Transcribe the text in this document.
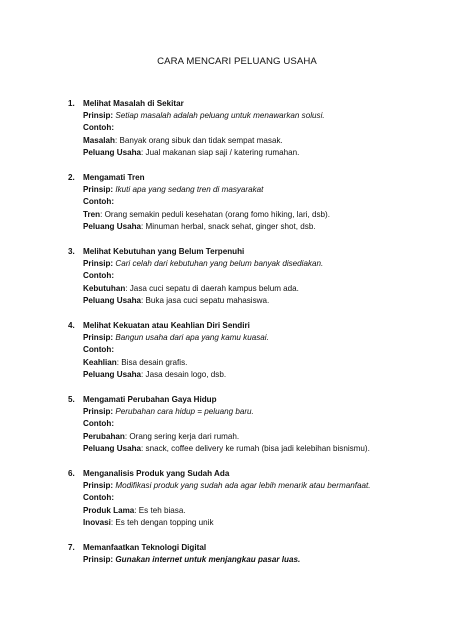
CARA MENCARI PELUANG USAHA
1.	Melihat Masalah di Sekitar
Prinsip: Setiap masalah adalah peluang untuk menawarkan solusi.
Contoh:
Masalah: Banyak orang sibuk dan tidak sempat masak.
Peluang Usaha: Jual makanan siap saji / katering rumahan.
2.	Mengamati Tren
Prinsip: Ikuti apa yang sedang tren di masyarakat
Contoh:
Tren: Orang semakin peduli kesehatan (orang fomo hiking, lari, dsb).
Peluang Usaha: Minuman herbal, snack sehat, ginger shot, dsb.
3.	Melihat Kebutuhan yang Belum Terpenuhi
Prinsip: Cari celah dari kebutuhan yang belum banyak disediakan.
Contoh:
Kebutuhan: Jasa cuci sepatu di daerah kampus belum ada.
Peluang Usaha: Buka jasa cuci sepatu mahasiswa.
4.	Melihat Kekuatan atau Keahlian Diri Sendiri
Prinsip: Bangun usaha dari apa yang kamu kuasai.
Contoh:
Keahlian: Bisa desain grafis.
Peluang Usaha: Jasa desain logo, dsb.
5.	Mengamati Perubahan Gaya Hidup
Prinsip: Perubahan cara hidup = peluang baru.
Contoh:
Perubahan: Orang sering kerja dari rumah.
Peluang Usaha: snack, coffee delivery ke rumah (bisa jadi kelebihan bisnismu).
6.	Menganalisis Produk yang Sudah Ada
Prinsip: Modifikasi produk yang sudah ada agar lebih menarik atau bermanfaat.
Contoh:
Produk Lama: Es teh biasa.
Inovasi: Es teh dengan topping unik
7.	Memanfaatkan Teknologi Digital
Prinsip: Gunakan internet untuk menjangkau pasar luas.
